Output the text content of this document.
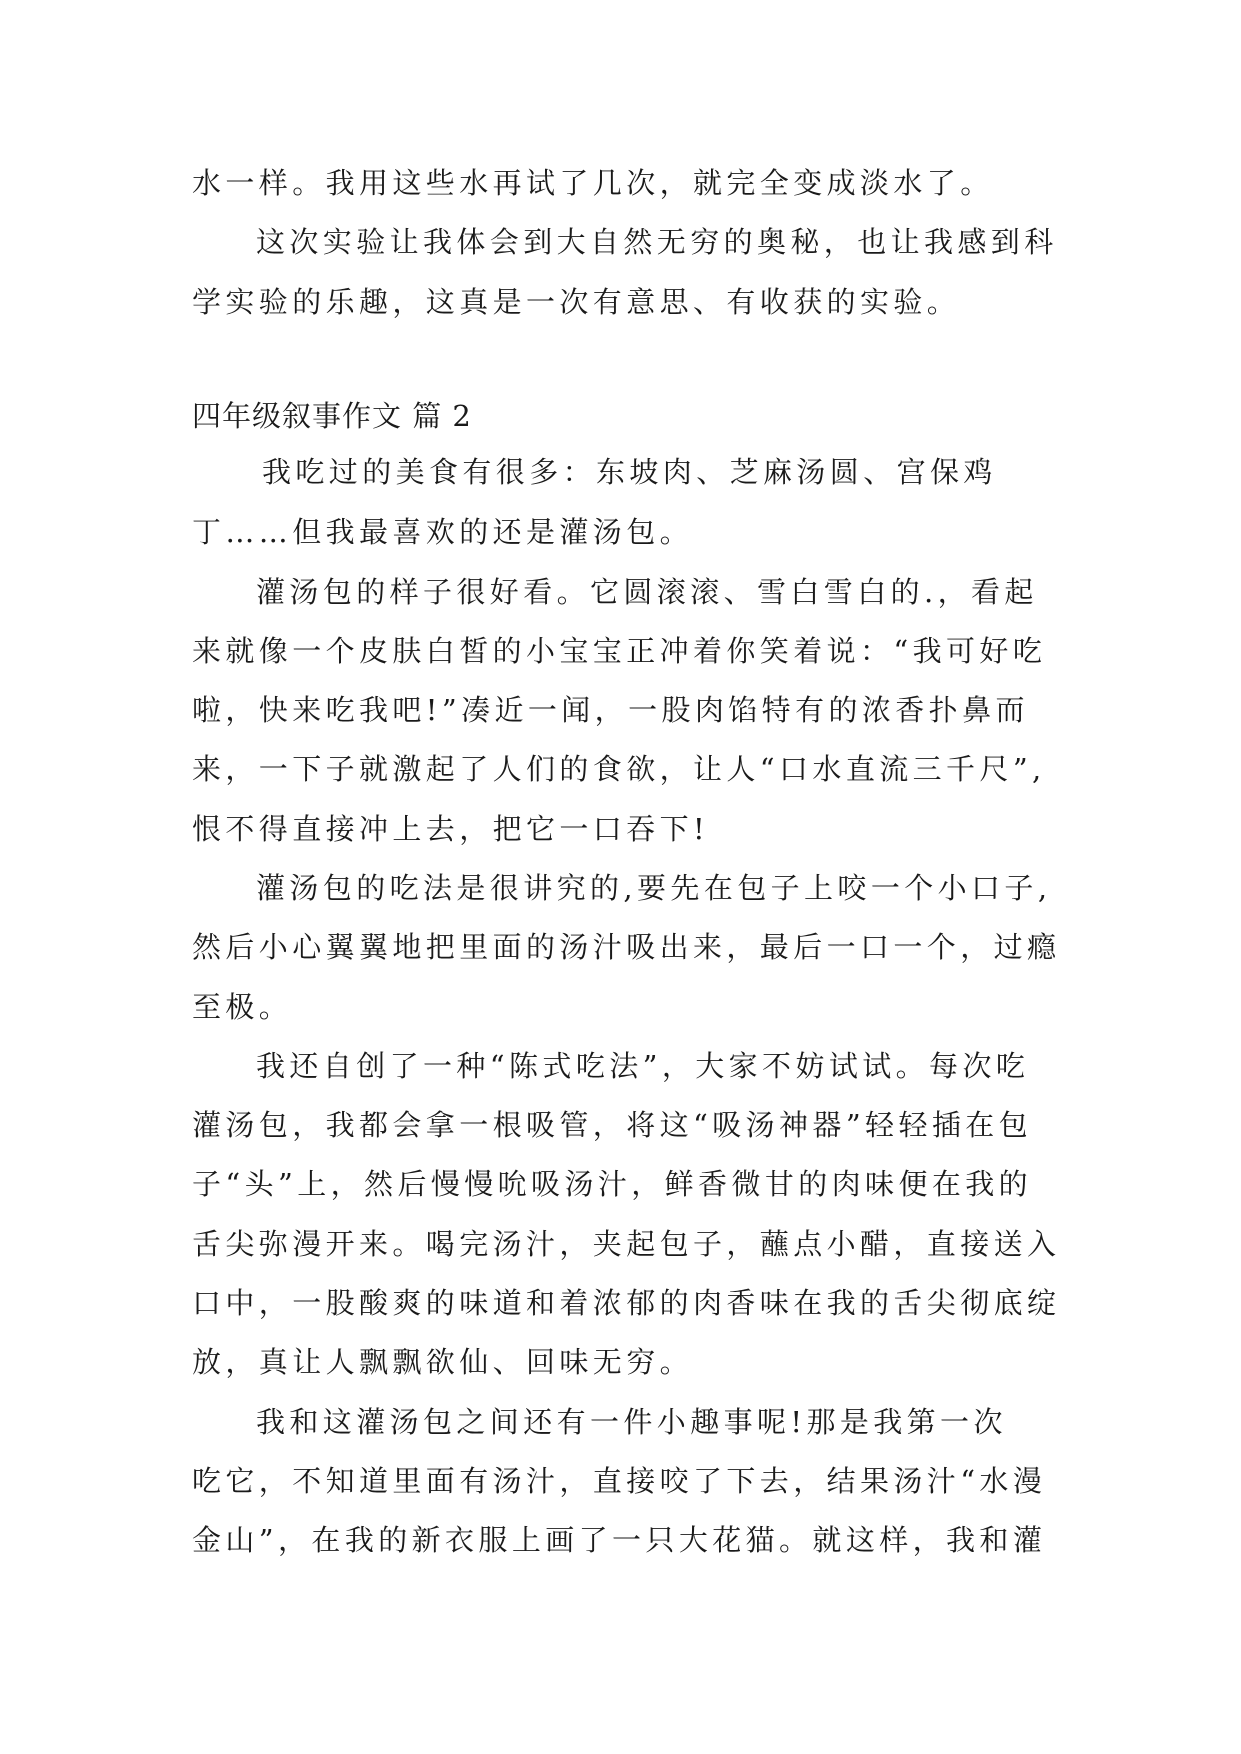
水一样。我用这些水再试了几次，就完全变成淡水了。
这次实验让我体会到大自然无穷的奥秘，也让我感到科
学实验的乐趣，这真是一次有意思、有收获的实验。
四年级叙事作文 篇 2
我吃过的美食有很多：东坡肉、芝麻汤圆、宫保鸡
丁……但我最喜欢的还是灌汤包。
灌汤包的样子很好看。它圆滚滚、雪白雪白的.，看起
来就像一个皮肤白皙的小宝宝正冲着你笑着说：“我可好吃
啦，快来吃我吧!”凑近一闻，一股肉馅特有的浓香扑鼻而
来，一下子就激起了人们的食欲，让人“口水直流三千尺”,
恨不得直接冲上去，把它一口吞下!
灌汤包的吃法是很讲究的,要先在包子上咬一个小口子,
然后小心翼翼地把里面的汤汁吸出来，最后一口一个，过瘾
至极。
我还自创了一种“陈式吃法”，大家不妨试试。每次吃
灌汤包，我都会拿一根吸管，将这“吸汤神器”轻轻插在包
子“头”上，然后慢慢吮吸汤汁，鲜香微甘的肉味便在我的
舌尖弥漫开来。喝完汤汁，夹起包子，蘸点小醋，直接送入
口中，一股酸爽的味道和着浓郁的肉香味在我的舌尖彻底绽
放，真让人飘飘欲仙、回味无穷。
我和这灌汤包之间还有一件小趣事呢!那是我第一次
吃它，不知道里面有汤汁，直接咬了下去，结果汤汁“水漫
金山”，在我的新衣服上画了一只大花猫。就这样，我和灌
